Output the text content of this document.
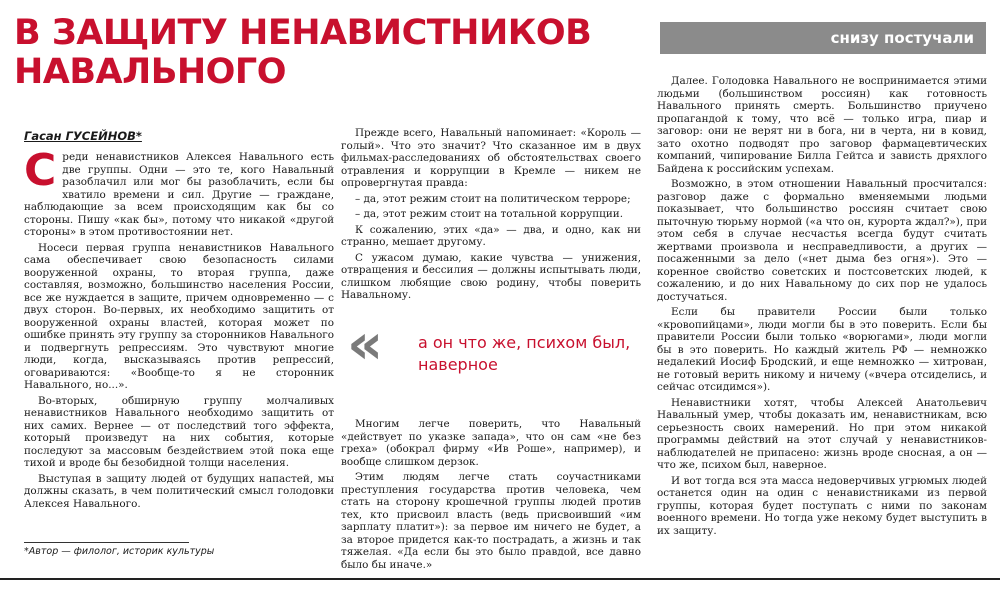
В ЗАЩИТУ НЕНАВИСТНИКОВ НАВАЛЬНОГО
снизу постучали
Гасан ГУСЕЙНОВ*

Среди ненавистников Алексея Навального есть две группы. Одни — это те, кого Навальный разоблачил или мог бы разоблачить, если бы хватило времени и сил. Другие — граждане, наблюдающие за всем происходящим как бы со стороны. Пишу «как бы», потому что никакой «другой стороны» в этом противостоянии нет.

Носеси первая группа ненавистников Навального сама обеспечивает свою безопасность силами вооруженной охраны, то вторая группа, даже составляя, возможно, большинство населения России, все же нуждается в защите, причем одновременно — с двух сторон. Во-первых, их необходимо защитить от вооруженной охраны властей, которая может по ошибке принять эту группу за сторонников Навального и подвергнуть репрессиям. Это чувствуют многие люди, когда, высказываясь против репрессий, оговариваются: «Вообще-то я не сторонник Навального, но...».

Во-вторых, обширную группу молчаливых ненавистников Навального необходимо защитить от них самих. Вернее — от последствий того эффекта, который произведут на них события, которые последуют за массовым бездействием этой пока еще тихой и вроде бы безобидной толщи населения.

Выступая в защиту людей от будущих напастей, мы должны сказать, в чем политический смысл голодовки Алексея Навального.

Прежде всего, Навальный напоминает: «Король — голый». Что это значит? Что сказанное им в двух фильмах-расследованиях об обстоятельствах своего отравления и коррупции в Кремле — никем не опровергнутая правда:

– да, этот режим стоит на политическом терроре;

– да, этот режим стоит на тотальной коррупции.

К сожалению, этих «да» — два, и одно, как ни странно, мешает другому.

С ужасом думаю, какие чувства — унижения, отвращения и бессилия — должны испытывать люди, слишком любящие свою родину, чтобы поверить Навальному.

« а он что же, психом был, наверное

Многим легче поверить, что Навальный «действует по указке запада», что он сам «не без греха» (обокрал фирму «Ив Роше», например), и вообще слишком дерзок.

Этим людям легче стать соучастниками преступления государства против человека, чем стать на сторону крошечной группы людей против тех, кто присвоил власть (ведь присвоивший «им зарплату платит»): за первое им ничего не будет, а за второе придется как-то пострадать, а жизнь и так тяжелая. «Да если бы это было правдой, все давно было бы иначе.»

Далее. Голодовка Навального не воспринимается этими людьми (большинством россиян) как готовность Навального принять смерть. Большинство приучено пропагандой к тому, что всё — только игра, пиар и заговор: они не верят ни в бога, ни в черта, ни в ковид, зато охотно подводят про заговор фармацевтических компаний, чипирование Билла Гейтса и зависть дряхлого Байдена к российским успехам.

Возможно, в этом отношении Навальный просчитался: разговор даже с формально вменяемыми людьми показывает, что большинство россиян считает свою пыточную тюрьму нормой («а что он, курорта ждал?»), при этом себя в случае несчастья всегда будут считать жертвами произвола и несправедливости, а других — посаженными за дело («нет дыма без огня»). Это — коренное свойство советских и постсоветских людей, к сожалению, и до них Навальному до сих пор не удалось достучаться.

Если бы правители России были только «кровопийцами», люди могли бы в это поверить. Если бы правители России были только «ворюгами», люди могли бы в это поверить. Но каждый житель РФ — немножко недалекий Иосиф Бродский, и еще немножко — хитрован, не готовый верить никому и ничему («вчера отсиделись, и сейчас отсидимся»).

Ненавистники хотят, чтобы Алексей Анатольевич Навальный умер, чтобы доказать им, ненавистникам, всю серьезность своих намерений. Но при этом никакой программы действий на этот случай у ненавистников-наблюдателей не припасено: жизнь вроде сносная, а он — что же, психом был, наверное.

И вот тогда вся эта масса недоверчивых угрюмых людей останется один на один с ненавистниками из первой группы, которая будет поступать с ними по законам военного времени. Но тогда уже некому будет выступить в их защиту.

*Автор — филолог, историк культуры
